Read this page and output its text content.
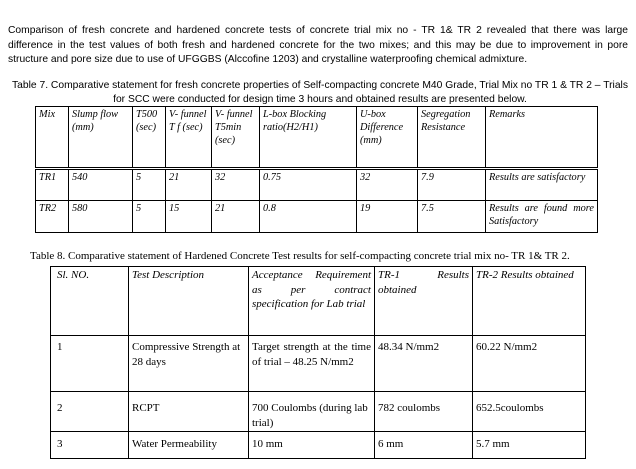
Comparison of fresh concrete and hardened concrete tests of concrete trial mix no - TR 1& TR 2 revealed that there was large difference in the test values of both fresh and hardened concrete for the two mixes; and this may be due to improvement in pore structure and pore size due to use of UFGGBS (Alccofine 1203) and crystalline waterproofing chemical admixture.

Table 7. Comparative statement for fresh concrete properties of Self-compacting concrete M40 Grade, Trial Mix no TR 1 & TR 2 – Trials for SCC were conducted for design time 3 hours and obtained results are presented below.
Mix	Slump flow (mm)	T500 (sec)	V- funnel T f (sec)	V- funnel T5min (sec)	L-box Blocking ratio(H2/H1)	U-box Difference (mm)	Segregation Resistance	Remarks
TR1	540	5	21	32	0.75	32	7.9	Results are satisfactory
TR2	580	5	15	21	0.8	19	7.5	Results are found more Satisfactory
Table 8. Comparative statement of Hardened Concrete Test results for self-compacting concrete trial mix no- TR 1& TR 2.
Sl. NO.	Test Description	Acceptance Requirement as per contract specification for Lab trial	TR-1 Results obtained	TR-2 Results obtained
1	Compressive Strength at 28 days	Target strength at the time of trial – 48.25 N/mm2	48.34 N/mm2	60.22 N/mm2
2	RCPT	700 Coulombs (during lab trial)	782 coulombs	652.5coulombs
3	Water Permeability	10 mm	6 mm	5.7 mm
